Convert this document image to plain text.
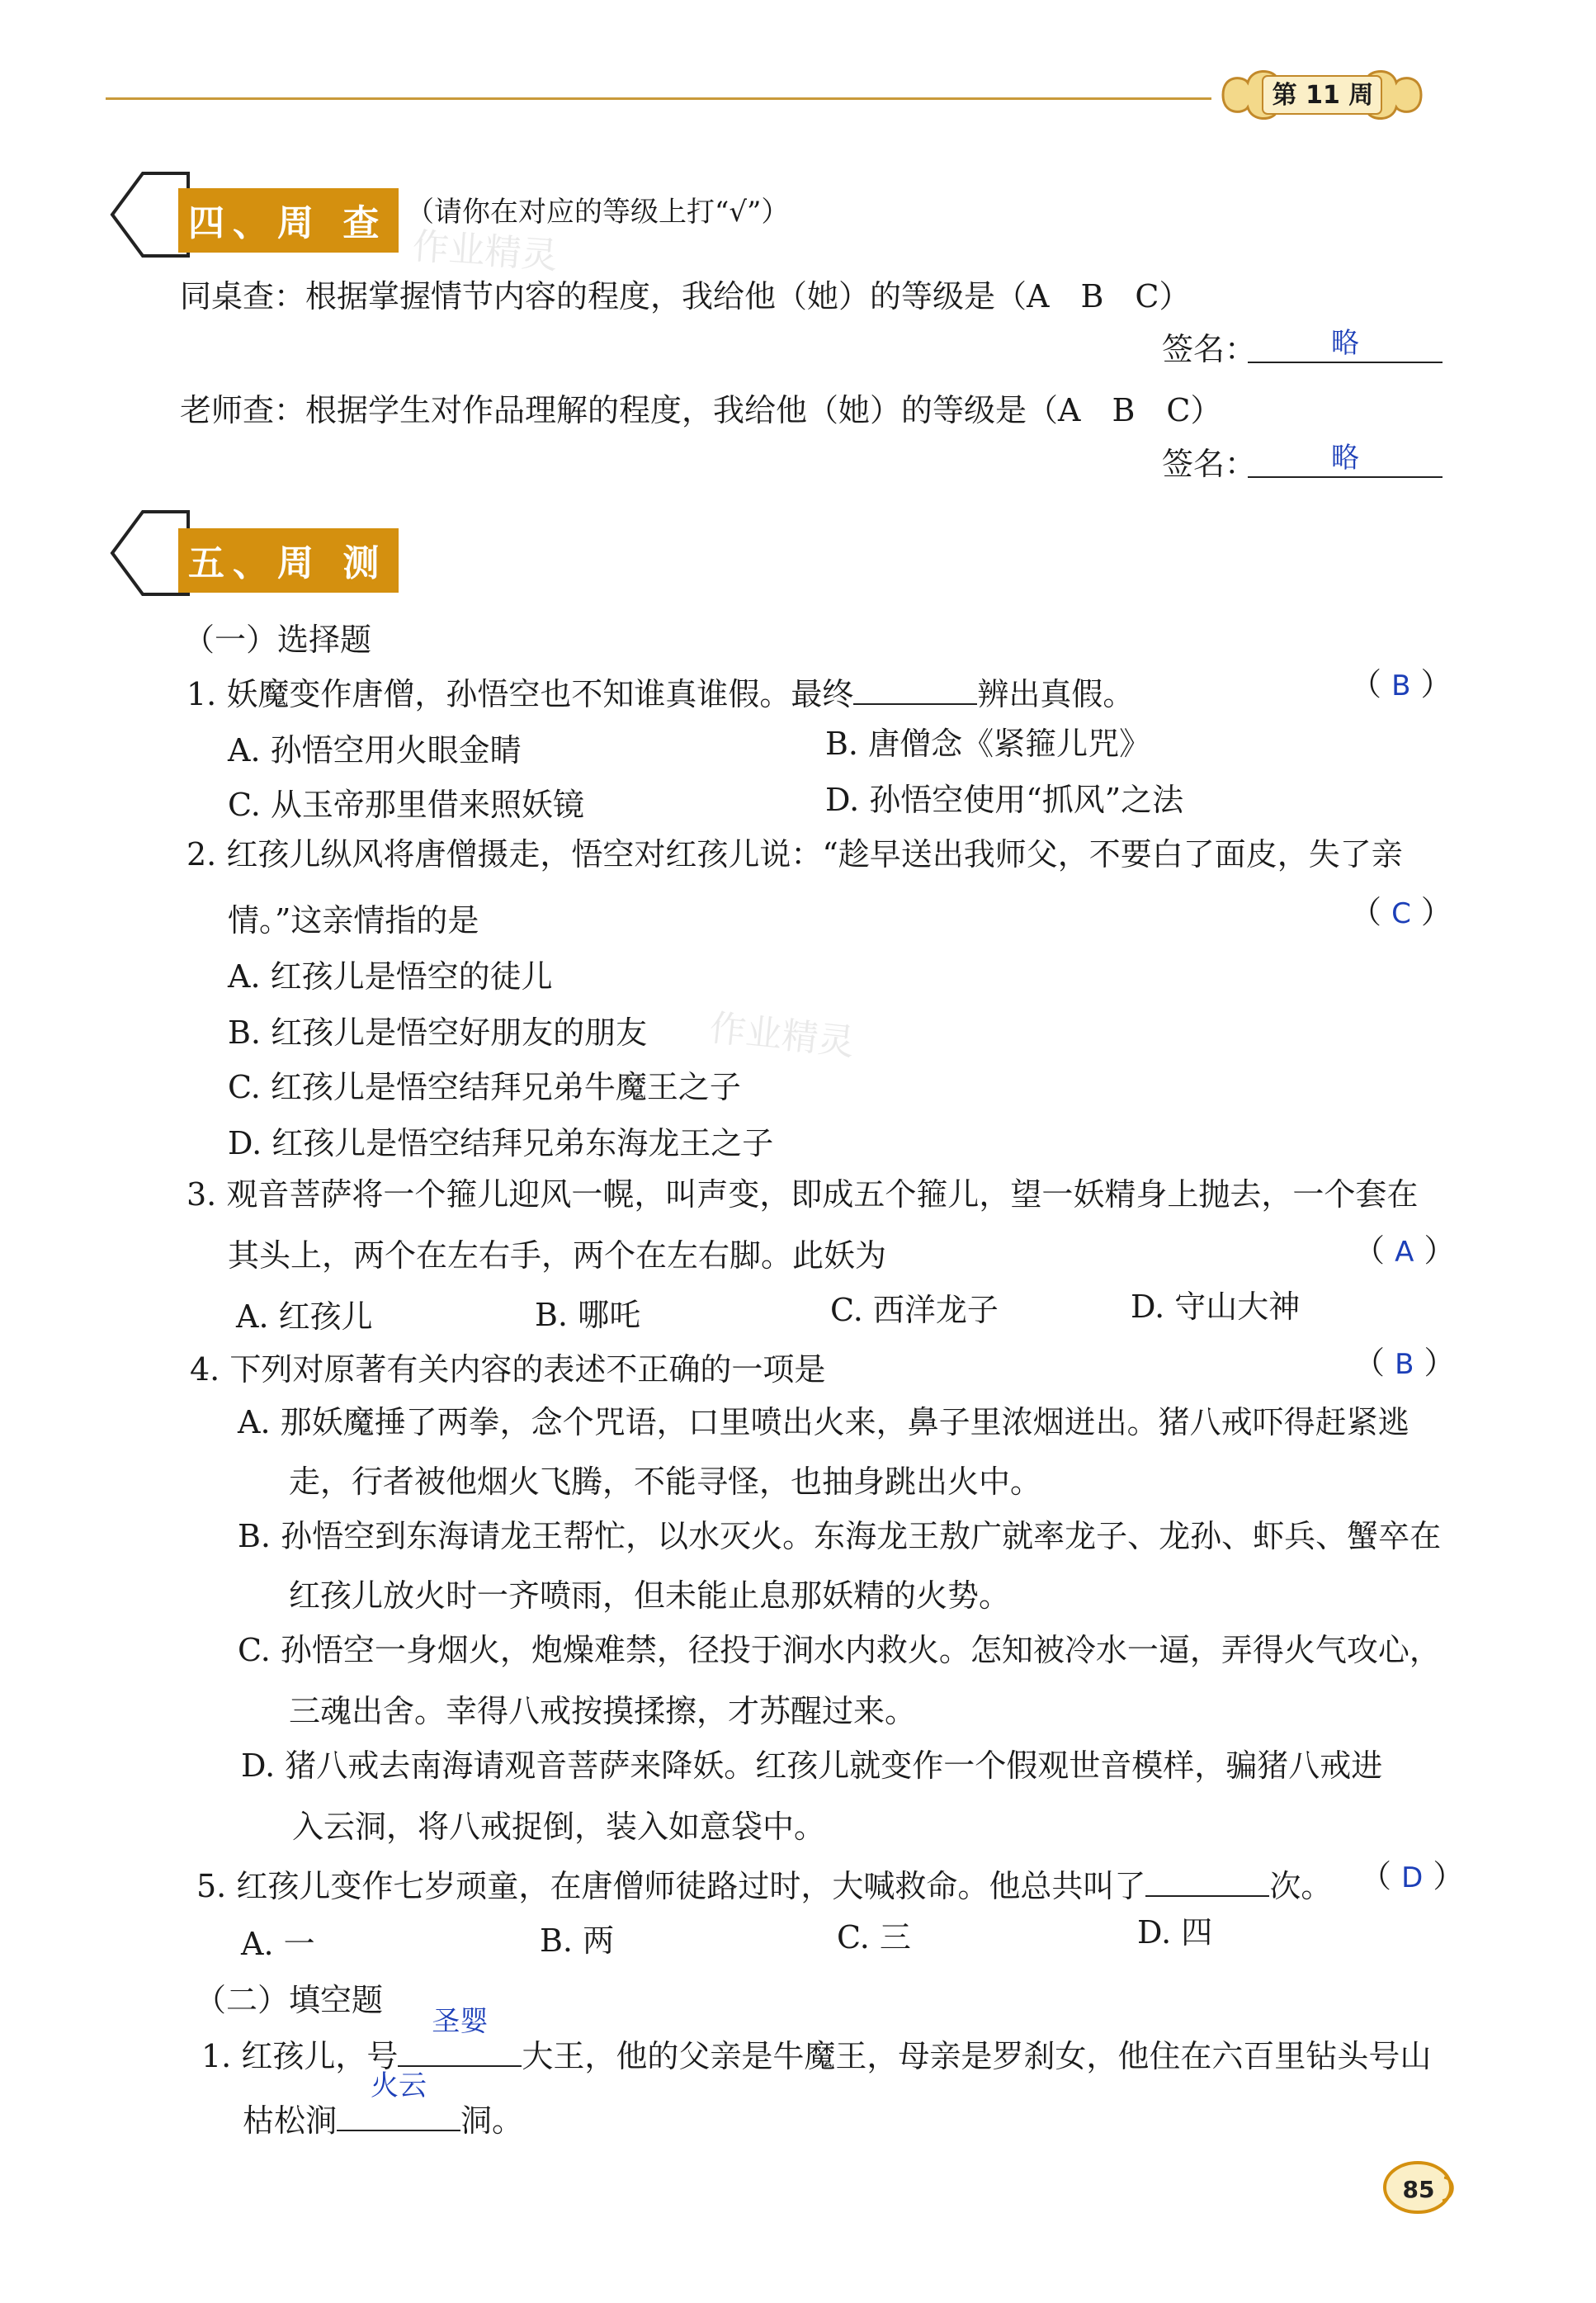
第 11 周
作业精灵
作业精灵
四、周 查 （请你在对应的等级上打“√”）
同桌查：根据掌握情节内容的程度，我给他（她）的等级是（A　B　C）
签名：	略
老师查：根据学生对作品理解的程度，我给他（她）的等级是（A　B　C）
签名：	略
五、周 测
（一）选择题
1. 妖魔变作唐僧，孙悟空也不知谁真谁假。最终	辨出真假。	（ B ）
A. 孙悟空用火眼金睛	B. 唐僧念《紧箍儿咒》
C. 从玉帝那里借来照妖镜	D. 孙悟空使用“抓风”之法
2. 红孩儿纵风将唐僧摄走，悟空对红孩儿说：“趁早送出我师父，不要白了面皮，失了亲
情。”这亲情指的是	（ C ）
A. 红孩儿是悟空的徒儿
B. 红孩儿是悟空好朋友的朋友
C. 红孩儿是悟空结拜兄弟牛魔王之子
D. 红孩儿是悟空结拜兄弟东海龙王之子
3. 观音菩萨将一个箍儿迎风一幌，叫声变，即成五个箍儿，望一妖精身上抛去，一个套在
其头上，两个在左右手，两个在左右脚。此妖为	（ A ）
A. 红孩儿	B. 哪吒	C. 西洋龙子	D. 守山大神
4. 下列对原著有关内容的表述不正确的一项是	（ B ）
A. 那妖魔捶了两拳，念个咒语，口里喷出火来，鼻子里浓烟迸出。猪八戒吓得赶紧逃
走，行者被他烟火飞腾，不能寻怪，也抽身跳出火中。
B. 孙悟空到东海请龙王帮忙，以水灭火。东海龙王敖广就率龙子、龙孙、虾兵、蟹卒在
红孩儿放火时一齐喷雨，但未能止息那妖精的火势。
C. 孙悟空一身烟火，炮燥难禁，径投于涧水内救火。怎知被冷水一逼，弄得火气攻心，
三魂出舍。幸得八戒按摸揉擦，才苏醒过来。
D. 猪八戒去南海请观音菩萨来降妖。红孩儿就变作一个假观世音模样，骗猪八戒进
入云洞，将八戒捉倒，装入如意袋中。
5. 红孩儿变作七岁顽童，在唐僧师徒路过时，大喊救命。他总共叫了	次。 （ D ）
A. 一	B. 两	C. 三	D. 四
（二）填空题
1. 红孩儿，号
圣婴
大王，他的父亲是牛魔王，母亲是罗刹女，他住在六百里钻头号山
枯松涧
火云
洞。
85
